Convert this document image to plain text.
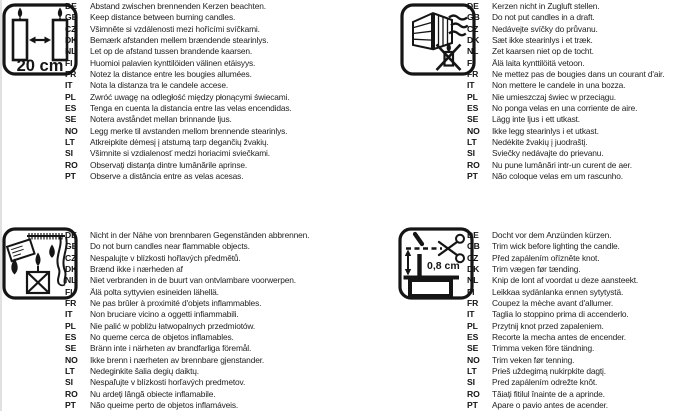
20 cm
DE	Abstand zwischen brennenden Kerzen beachten.
GB	Keep distance between burning candles.
CZ	Všimněte si vzdálenosti mezi hořícími svíčkami.
DK	Bemærk afstanden mellem brændende stearinlys.
NL	Let op de afstand tussen brandende kaarsen.
FI	Huomioi palavien kynttilöiden välinen etäisyys.
FR	Notez la distance entre les bougies allumées.
IT	Nota la distanza tra le candele accese.
PL	Zwróć uwagę na odległość między płonącymi świecami.
ES	Tenga en cuenta la distancia entre las velas encendidas.
SE	Notera avståndet mellan brinnande ljus.
NO	Legg merke til avstanden mellom brennende stearinlys.
LT	Atkreipkite dėmesį į atstumą tarp degančių žvakių.
SI	Všimnite si vzdialenosť medzi horiacimi sviečkami.
RO	Observați distanța dintre lumânările aprinse.
PT	Observe a distância entre as velas acesas.
DE	Kerzen nicht in Zugluft stellen.
GB	Do not put candles in a draft.
CZ	Nedávejte svíčky do průvanu.
DK	Sæt ikke stearinlys i et træk.
NL	Zet kaarsen niet op de tocht.
FI	Älä laita kynttilöitä vetoon.
FR	Ne mettez pas de bougies dans un courant d'air.
IT	Non mettere le candele in una bozza.
PL	Nie umieszczaj świec w przeciągu.
ES	No ponga velas en una corriente de aire.
SE	Lägg inte ljus i ett utkast.
NO	Ikke legg stearinlys i et utkast.
LT	Nedėkite žvakių į juodraštį.
SI	Sviečky nedávajte do prievanu.
RO	Nu pune lumânări intr-un curent de aer.
PT	Não coloque velas em um rascunho.
DE	Nicht in der Nähe von brennbaren Gegenständen abbrennen.
GB	Do not burn candles near flammable objects.
CZ	Nespalujte v blízkosti hořlavých předmětů.
DK	Brænd ikke i nærheden af
NL	Niet verbranden in de buurt van ontvlambare voorwerpen.
FI	Älä polta syttyvien esineiden lähellä.
FR	Ne pas brûler à proximité d'objets inflammables.
IT	Non bruciare vicino a oggetti infiammabili.
PL	Nie palić w pobliżu łatwopalnych przedmiotów.
ES	No queme cerca de objetos inflamables.
SE	Bränn inte i närheten av brandfarliga föremål.
NO	Ikke brenn i nærheten av brennbare gjenstander.
LT	Nedeginkite šalia degių daiktų.
SI	Nespaľujte v blízkosti horľavých predmetov.
RO	Nu ardeți lângă obiecte inflamabile.
PT	Não queime perto de objetos inflamáveis.
0,8 cm
DE	Docht vor dem Anzünden kürzen.
GB	Trim wick before lighting the candle.
CZ	Před zapálením ořízněte knot.
DK	Trim vægen før tænding.
NL	Knip de lont af voordat u deze aansteekt.
FI	Leikkaa sydänlanka ennen sytytystä.
FR	Coupez la mèche avant d'allumer.
IT	Taglia lo stoppino prima di accenderlo.
PL	Przytnij knot przed zapaleniem.
ES	Recorte la mecha antes de encender.
SE	Trimma veken före tändning.
NO	Trim veken før tenning.
LT	Prieš uždegimą nukirpkite dagtį.
SI	Pred zapálením odrežte knôt.
RO	Tăiați fitilul înainte de a aprinde.
PT	Apare o pavio antes de acender.
